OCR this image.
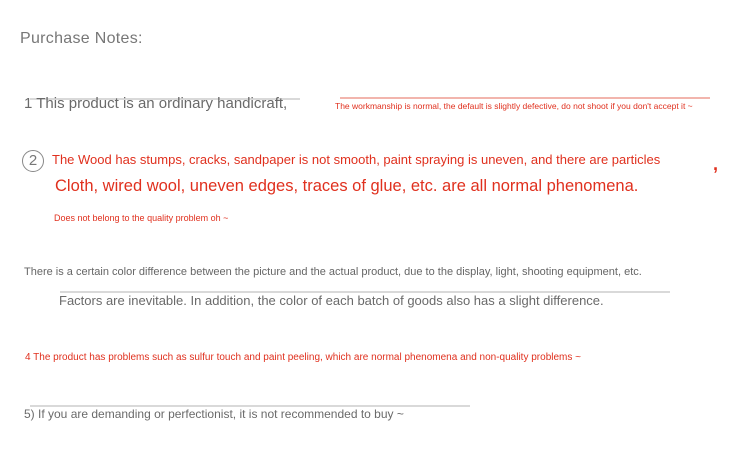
Purchase Notes:

1 This product is an ordinary handicraft,	The workmanship is normal, the default is slightly defective, do not shoot if you don't accept it ~

2	The Wood has stumps, cracks, sandpaper is not smooth, paint spraying is uneven, and there are particles	,

Cloth, wired wool, uneven edges, traces of glue, etc. are all normal phenomena.

Does not belong to the quality problem oh ~

There is a certain color difference between the picture and the actual product, due to the display, light, shooting equipment, etc.

Factors are inevitable. In addition, the color of each batch of goods also has a slight difference.

4 The product has problems such as sulfur touch and paint peeling, which are normal phenomena and non-quality problems ~

5) If you are demanding or perfectionist, it is not recommended to buy ~
